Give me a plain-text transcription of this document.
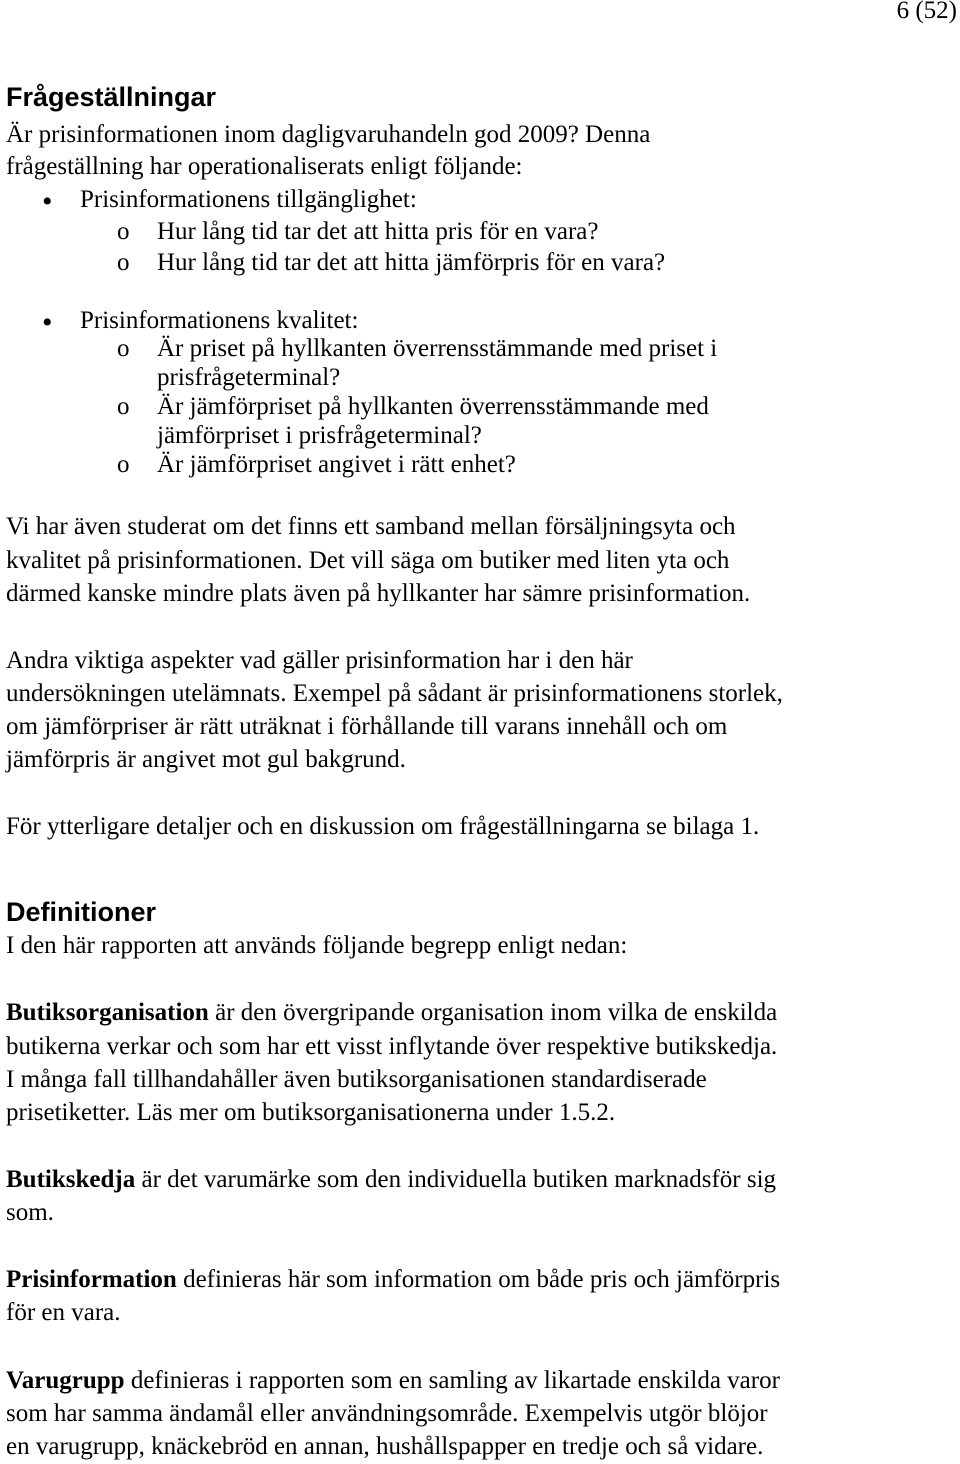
6 (52)
Frågeställningar
Är prisinformationen inom dagligvaruhandeln god 2009? Denna
frågeställning har operationaliserats enligt följande:
• Prisinformationens tillgänglighet:
o Hur lång tid tar det att hitta pris för en vara?
o Hur lång tid tar det att hitta jämförpris för en vara?
• Prisinformationens kvalitet:
o Är priset på hyllkanten överrensstämmande med priset i
prisfrågeterminal?
o Är jämförpriset på hyllkanten överrensstämmande med
jämförpriset i prisfrågeterminal?
o Är jämförpriset angivet i rätt enhet?
Vi har även studerat om det finns ett samband mellan försäljningsyta och
kvalitet på prisinformationen. Det vill säga om butiker med liten yta och
därmed kanske mindre plats även på hyllkanter har sämre prisinformation.
Andra viktiga aspekter vad gäller prisinformation har i den här
undersökningen utelämnats. Exempel på sådant är prisinformationens storlek,
om jämförpriser är rätt uträknat i förhållande till varans innehåll och om
jämförpris är angivet mot gul bakgrund.
För ytterligare detaljer och en diskussion om frågeställningarna se bilaga 1.
Definitioner
I den här rapporten att används följande begrepp enligt nedan:
Butiksorganisation är den övergripande organisation inom vilka de enskilda
butikerna verkar och som har ett visst inflytande över respektive butikskedja.
I många fall tillhandahåller även butiksorganisationen standardiserade
prisetiketter. Läs mer om butiksorganisationerna under 1.5.2.
Butikskedja är det varumärke som den individuella butiken marknadsför sig
som.
Prisinformation definieras här som information om både pris och jämförpris
för en vara.
Varugrupp definieras i rapporten som en samling av likartade enskilda varor
som har samma ändamål eller användningsområde. Exempelvis utgör blöjor
en varugrupp, knäckebröd en annan, hushållspapper en tredje och så vidare.
